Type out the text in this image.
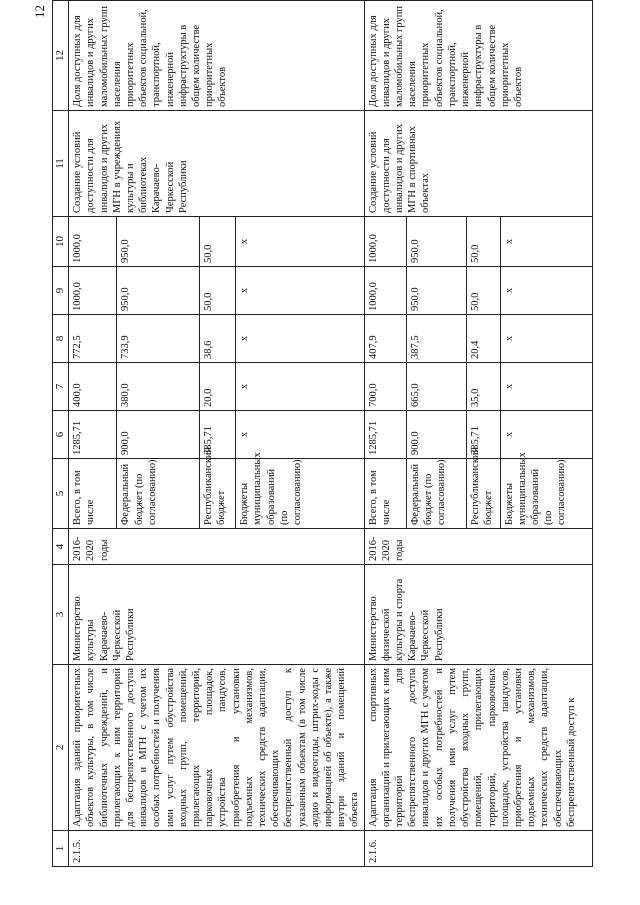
12
1	2	3	4	5	6	7	8	9	10	11	12
2.1.5.	Адаптация зданий приоритетных объектов культуры, в том числе библиотечных учреждений, и прилегающих к ним территорий для беспрепятственного доступа инвалидов и МГН с учетом их особых потребностей и получения ими услуг путем обустройства входных групп, помещений, прилегающих территорий, парковочных площадок, устройства пандусов, приобретения и установки подъемных механизмов, технических средств адаптации, обеспечивающих беспрепятственный доступ к указанным объектам (в том числе аудио и видеогиды, штрих-коды с информацией об объекте), а также внутри зданий и помещений объекта	Министерство культуры Карачаево-Черкесской Республики	2016-2020 годы	Всего, в том числе	1285,71	400,0	772,5	1000,0	1000,0	Создание условий доступности для инвалидов и других МГН в учреждениях культуры и библиотеках Карачаево-Черкесской Республики	Доля доступных для инвалидов и других маломобильных групп населения приоритетных объектов социальной, транспортной, инженерной инфраструктуры в общем количестве приоритетных объектов
				Федеральный бюджет (по согласованию)	900,0	380,0	733,9	950,0	950,0		
				Республиканский бюджет	385,71	20,0	38,6	50,0	50,0		
				Бюджеты муниципальных образований (по согласованию)	x	x	x	x	x		
2.1.6.	Адаптация спортивных организаций и прилегающих к ним территорий для беспрепятственного доступа инвалидов и других МГН с учетом их особых потребностей и получения ими услуг путем обустройства входных групп, помещений, прилегающих территорий, парковочных площадок, устройства пандусов, приобретения и установки подъемных механизмов, технических средств адаптации, обеспечивающих беспрепятственный доступ к	Министерство физической культуры и спорта Карачаево-Черкесской Республики	2016-2020 годы	Всего, в том числе	1285,71	700,0	407,9	1000,0	1000,0	Создание условий доступности для инвалидов и других МГН в спортивных объектах	Доля доступных для инвалидов и других маломобильных групп населения приоритетных объектов социальной, транспортной, инженерной инфраструктуры в общем количестве приоритетных объектов
				Федеральный бюджет (по согласованию)	900,0	665,0	387,5	950,0	950,0		
				Республиканский бюджет	385,71	35,0	20,4	50,0	50,0		
				Бюджеты муниципальных образований (по согласованию)	x	x	x	x	x		
